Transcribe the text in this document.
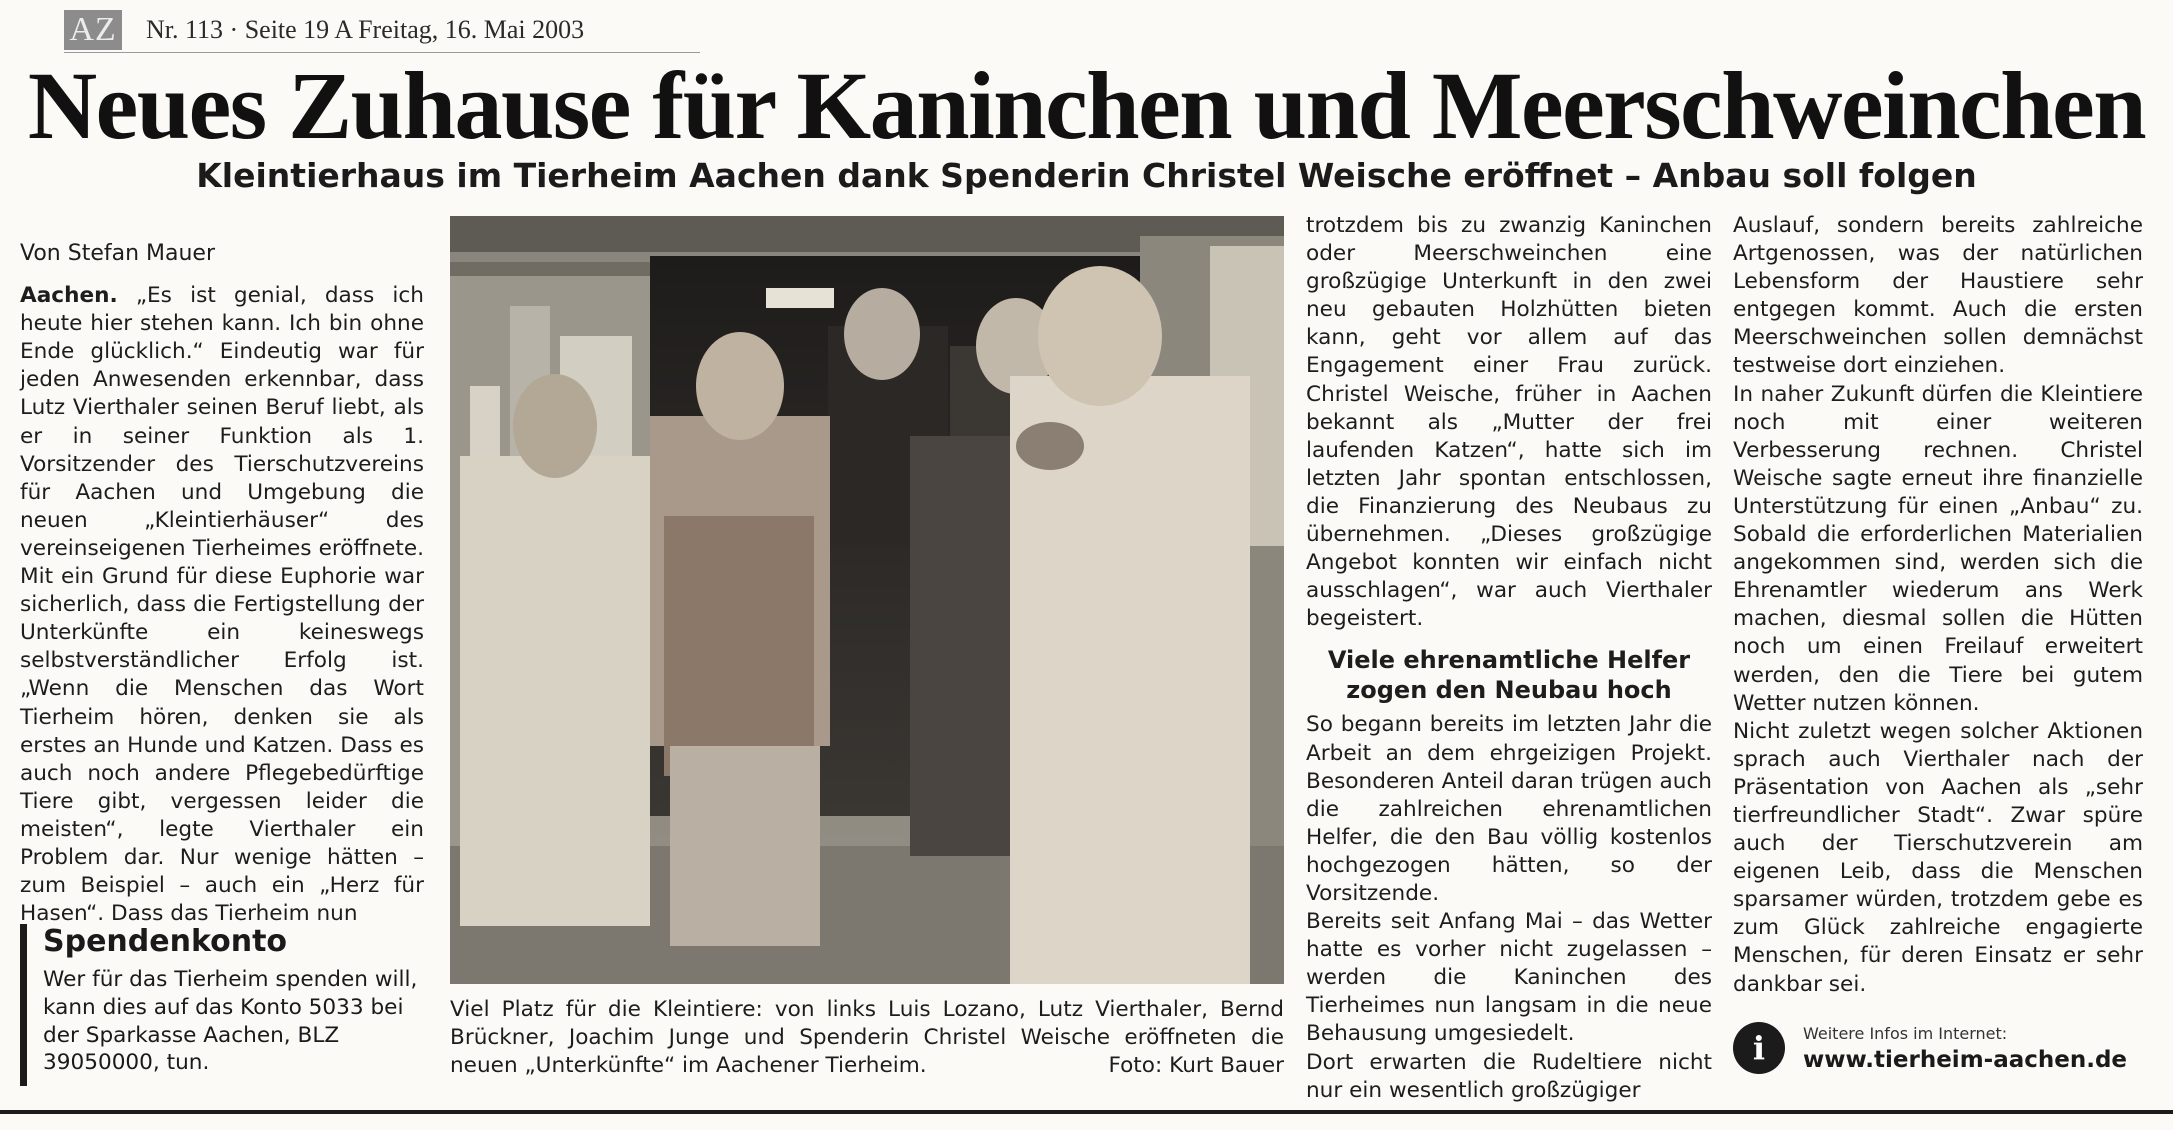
AZ Nr. 113 · Seite 19 A Freitag, 16. Mai 2003
Neues Zuhause für Kaninchen und Meerschweinchen
Kleintierhaus im Tierheim Aachen dank Spenderin Christel Weische eröffnet – Anbau soll folgen

Von Stefan Mauer

Aachen. „Es ist genial, dass ich heute hier stehen kann. Ich bin ohne Ende glücklich.“ Eindeutig war für jeden Anwesenden erkennbar, dass Lutz Vierthaler seinen Beruf liebt, als er in seiner Funktion als 1. Vorsitzender des Tierschutzvereins für Aachen und Umgebung die neuen „Kleintierhäuser“ des vereinseigenen Tierheimes eröffnete. Mit ein Grund für diese Euphorie war sicherlich, dass die Fertigstellung der Unterkünfte ein keineswegs selbstverständlicher Erfolg ist. „Wenn die Menschen das Wort Tierheim hören, denken sie als erstes an Hunde und Katzen. Dass es auch noch andere Pflegebedürftige Tiere gibt, vergessen leider die meisten“, legte Vierthaler ein Problem dar. Nur wenige hätten – zum Beispiel – auch ein „Herz für Hasen“. Dass das Tierheim nun

Spendenkonto

Wer für das Tierheim spenden will, kann dies auf das Konto 5033 bei der Sparkasse Aachen, BLZ 39050000, tun.

Viel Platz für die Kleintiere: von links Luis Lozano, Lutz Vierthaler, Bernd Brückner, Joachim Junge und Spenderin Christel Weische eröffneten die neuen „Unterkünfte“ im Aachener Tierheim.	Foto: Kurt Bauer

trotzdem bis zu zwanzig Kaninchen oder Meerschweinchen eine großzügige Unterkunft in den zwei neu gebauten Holzhütten bieten kann, geht vor allem auf das Engagement einer Frau zurück. Christel Weische, früher in Aachen bekannt als „Mutter der frei laufenden Katzen“, hatte sich im letzten Jahr spontan entschlossen, die Finanzierung des Neubaus zu übernehmen. „Dieses großzügige Angebot konnten wir einfach nicht ausschlagen“, war auch Vierthaler begeistert.

Viele ehrenamtliche Helfer zogen den Neubau hoch

So begann bereits im letzten Jahr die Arbeit an dem ehrgeizigen Projekt. Besonderen Anteil daran trügen auch die zahlreichen ehrenamtlichen Helfer, die den Bau völlig kostenlos hochgezogen hätten, so der Vorsitzende.

Bereits seit Anfang Mai – das Wetter hatte es vorher nicht zugelassen – werden die Kaninchen des Tierheimes nun langsam in die neue Behausung umgesiedelt.

Dort erwarten die Rudeltiere nicht nur ein wesentlich großzügiger

Auslauf, sondern bereits zahlreiche Artgenossen, was der natürlichen Lebensform der Haustiere sehr entgegen kommt. Auch die ersten Meerschweinchen sollen demnächst testweise dort einziehen.

In naher Zukunft dürfen die Kleintiere noch mit einer weiteren Verbesserung rechnen. Christel Weische sagte erneut ihre finanzielle Unterstützung für einen „Anbau“ zu. Sobald die erforderlichen Materialien angekommen sind, werden sich die Ehrenamtler wiederum ans Werk machen, diesmal sollen die Hütten noch um einen Freilauf erweitert werden, den die Tiere bei gutem Wetter nutzen können.

Nicht zuletzt wegen solcher Aktionen sprach auch Vierthaler nach der Präsentation von Aachen als „sehr tierfreundlicher Stadt“. Zwar spüre auch der Tierschutzverein am eigenen Leib, dass die Menschen sparsamer würden, trotzdem gebe es zum Glück zahlreiche engagierte Menschen, für deren Einsatz er sehr dankbar sei.

i	Weitere Infos im Internet:
www.tierheim-aachen.de
